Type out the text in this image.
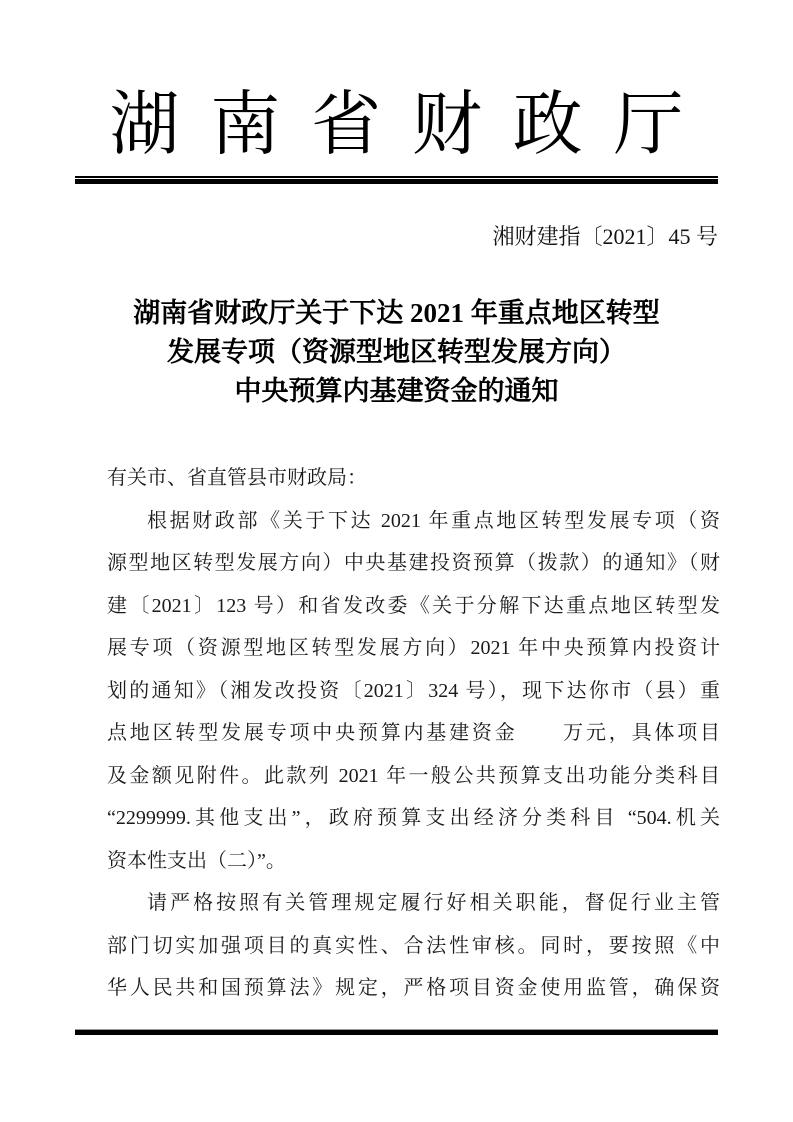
湖南省财政厅
湘财建指〔2021〕45 号
湖南省财政厅关于下达 2021 年重点地区转型
发展专项（资源型地区转型发展方向）
中央预算内基建资金的通知

有关市、省直管县市财政局：

根据财政部《关于下达 2021 年重点地区转型发展专项（资
源型地区转型发展方向）中央基建投资预算（拨款）的通知》（财
建〔2021〕123 号）和省发改委《关于分解下达重点地区转型发
展专项（资源型地区转型发展方向）2021 年中央预算内投资计
划的通知》（湘发改投资〔2021〕324 号），现下达你市（县）重
点地区转型发展专项中央预算内基建资金　　万元，具体项目
及金额见附件。此款列 2021 年一般公共预算支出功能分类科目
“2299999.其他支出”，政府预算支出经济分类科目 “504.机关
资本性支出（二）”。

请严格按照有关管理规定履行好相关职能，督促行业主管
部门切实加强项目的真实性、合法性审核。同时，要按照《中
华人民共和国预算法》规定，严格项目资金使用监管，确保资
